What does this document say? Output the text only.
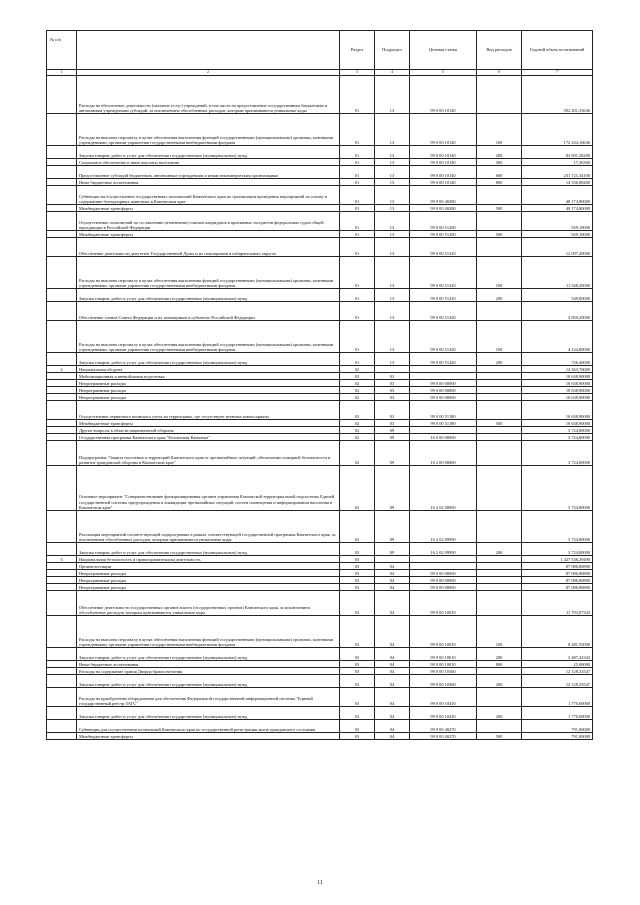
№ п/п		Раздел	Подраздел	Целевая статья	Вид расходов	Годовой объем ассигнований
1	2	3	4	5	6	7
	Расходы на обеспечение деятельности (оказание услуг) учреждений, в том числе на предоставление государственным бюджетным и автономным учреждениям субсидий, за исключением обособленных расходов, которым присваиваются уникальные коды	01	13	99 0 00 10140		502 201,33636
	Расходы на выплаты персоналу в целях обеспечения выполнения функций государственными (муниципальными) органами, казенными учреждениями, органами управления государственными внебюджетными фондами	01	13	99 0 00 10140	100	172 434,16636
	Закупка товаров, работ и услуг для обеспечения государственных (муниципальных) нужд	01	13	99 0 00 10140	200	83 691,58200
	Социальное обеспечение и иные выплаты населению	01	13	99 0 00 10140	300	17,36300
	Предоставление субсидий бюджетным, автономным учреждениям и иным некоммерческим организациям	01	13	99 0 00 10140	600	231 721,34100
	Иные бюджетные ассигнования	01	13	99 0 00 10140	800	14 336,88400
	Субвенции на осуществление государственных полномочий Камчатского края по организации проведения мероприятий по отлову и содержанию безнадзорных животных в Камчатском крае	01	13	99 0 00 40280		48 174,80000
	Межбюджетные трансферты	01	13	99 0 00 40280	500	48 174,80000
	Осуществление полномочий по составлению (изменению) списков кандидатов в присяжные заседатели федеральных судов общей юрисдикции в Российской Федерации	01	13	99 0 00 51200		929,10000
	Межбюджетные трансферты	01	13	99 0 00 51200	500	929,10000
	Обеспечение деятельности депутатов Государственной Думы и их помощников в избирательных округах	01	13	99 0 00 51410		12 097,20000
	Расходы на выплаты персоналу в целях обеспечения выполнения функций государственными (муниципальными) органами, казенными учреждениями, органами управления государственными внебюджетными фондами	01	13	99 0 00 51410	100	11 548,20000
	Закупка товаров, работ и услуг для обеспечения государственных (муниципальных) нужд	01	13	99 0 00 51410	200	549,00000
	Обеспечение членов Совета Федерации и их помощников в субъектах Российской Федерации	01	13	99 0 00 51420		4 850,20000
	Расходы на выплаты персоналу в целях обеспечения выполнения функций государственными (муниципальными) органами, казенными учреждениями, органами управления государственными внебюджетными фондами	01	13	99 0 00 51420	100	4 124,80000
	Закупка товаров, работ и услуг для обеспечения государственных (муниципальных) нужд	01	13	99 0 00 51420	200	726,40000
2	Национальная оборона	02				14 363,70000
	Мобилизационная и вневойсковая подготовка	02	03			10 638,90000
	Непрограммные расходы	02	03	99 0 00 00000		10 638,90000
	Непрограммные расходы	02	03	99 0 00 00000		10 638,90000
	Непрограммные расходы	02	03	99 0 00 00000		10 638,90000
	Осуществление первичного воинского учета на территориях, где отсутствуют военные комиссариаты	02	03	99 0 00 51180		10 638,90000
	Межбюджетные трансферты	02	03	99 0 00 51180	500	10 638,90000
	Другие вопросы в области национальной обороны	02	09			3 724,80000
	Государственная программа Камчатского края "Безопасная Камчатка"	02	09	16 0 00 00000		3 724,80000
	Подпрограмма "Защита населения и территорий Камчатского края от чрезвычайных ситуаций, обеспечение пожарной безопасности и развитие гражданской обороны в Камчатском крае"	02	09	16 2 00 00000		3 724,80000
	Основное мероприятие "Совершенствование функционирования органов управления Камчатской территориальной подсистемы Единой государственной системы предупреждения и ликвидации чрезвычайных ситуаций, систем оповещения и информирования населения в Камчатском крае"	02	09	16 2 02 00000		3 724,80000
	Реализация мероприятий соответствующей подпрограммы в рамках соответствующей государственной программы Камчатского края, за исключением обособленных расходов, которым присваиваются уникальные коды	02	09	16 2 02 09990		3 724,80000
	Закупка товаров, работ и услуг для обеспечения государственных (муниципальных) нужд	02	09	16 2 02 09990	200	3 724,80000
3	Национальная безопасность и правоохранительная деятельность	03				1 427 536,29490
	Органы юстиции	03	04			87 086,80890
	Непрограммные расходы	03	04	99 0 00 00000		87 086,80890
	Непрограммные расходы	03	04	99 0 00 00000		87 086,80890
	Непрограммные расходы	03	04	99 0 00 00000		87 086,80890
	Обеспечение деятельности государственных органов власти (государственных органов) Камчатского края, за исключением обособленных расходов, которым присваиваются уникальные коды	03	04	99 0 00 10010		11 793,97343
	Расходы на выплаты персоналу в целях обеспечения выполнения функций государственными (муниципальными) органами, казенными учреждениями, органами управления государственными внебюджетными фондами	03	04	99 0 00 10010	100	8 281,55000
	Закупка товаров, работ и услуг для обеспечения государственных (муниципальных) нужд	03	04	99 0 00 10010	200	3 487,42343
	Иные бюджетные ассигнования	03	04	99 0 00 10010	800	25,00000
	Расходы на содержание здания Дворца бракосочетания	03	04	99 0 00 10360		12 128,33547
	Закупка товаров, работ и услуг для обеспечения государственных (муниципальных) нужд	03	04	99 0 00 10360	200	12 128,33547
	Расходы на приобретение оборудования для обеспечения Федеральной государственной информационной системы "Единый государственный реестр ЗАГС"	03	04	99 0 00 10410		1 770,00000
	Закупка товаров, работ и услуг для обеспечения государственных (муниципальных) нужд	03	04	99 0 00 10410	200	1 770,00000
	Субвенции для осуществления полномочий Камчатского края по государственной регистрации актов гражданского состояния	03	04	99 0 00 40270		791,00000
	Межбюджетные трансферты	03	04	99 0 00 40270	500	791,00000
11
